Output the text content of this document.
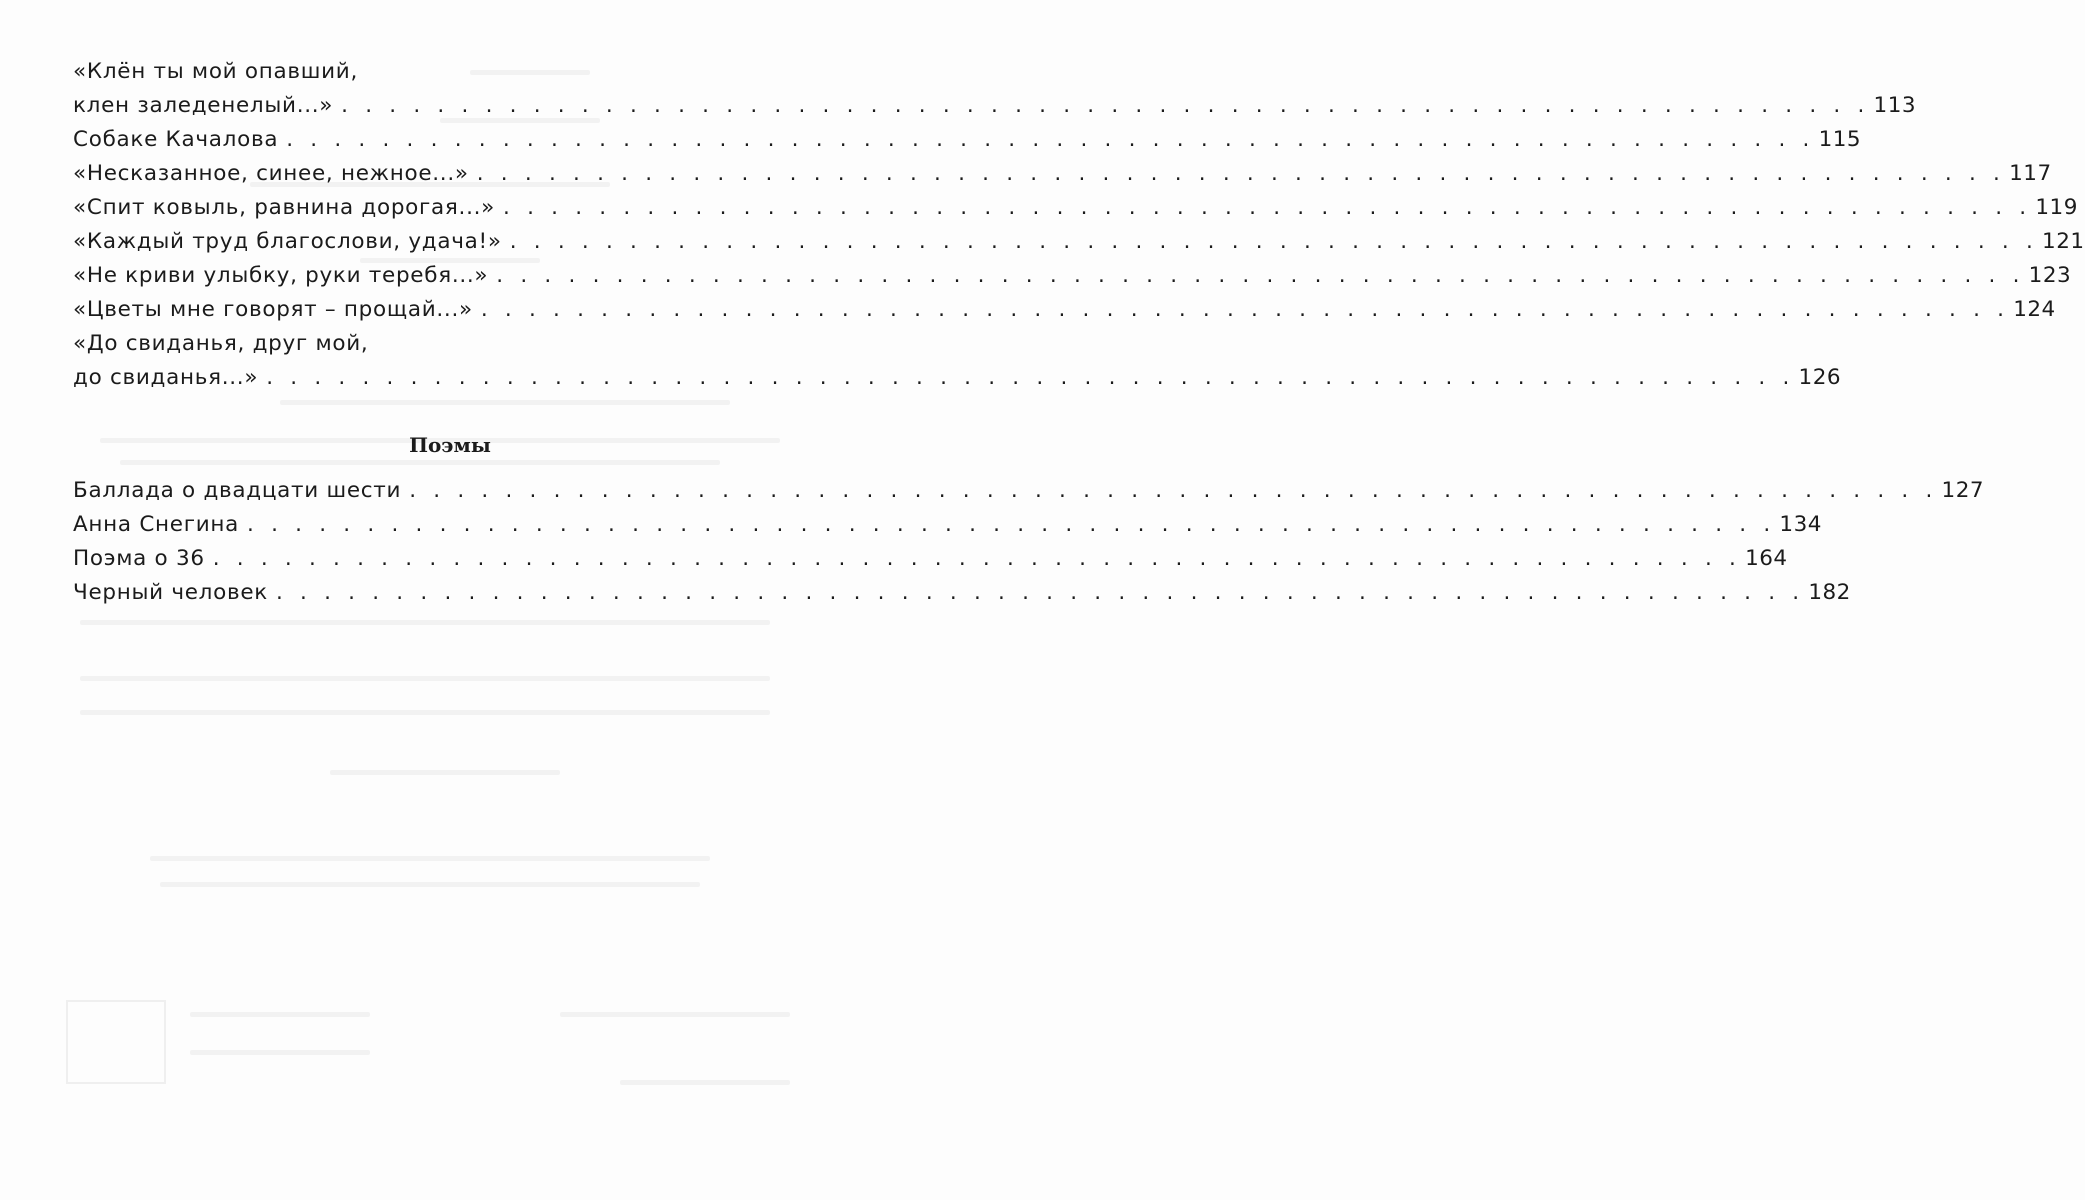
«Клён ты мой опавший,
клен заледенелый...» . . . . . . . . . . . . . . . . . . . . . . . . . . . . . . . . . . . . . . . . . . . . . . . . . . . . . . . . . . . . . . . . 113
Собаке Качалова . . . . . . . . . . . . . . . . . . . . . . . . . . . . . . . . . . . . . . . . . . . . . . . . . . . . . . . . . . . . . . . . 115
«Несказанное, синее, нежное...» . . . . . . . . . . . . . . . . . . . . . . . . . . . . . . . . . . . . . . . . . . . . . . . . . . . . . . . . . . . . . . . . 117
«Спит ковыль, равнина дорогая...» . . . . . . . . . . . . . . . . . . . . . . . . . . . . . . . . . . . . . . . . . . . . . . . . . . . . . . . . . . . . . . . . 119
«Каждый труд благослови, удача!» . . . . . . . . . . . . . . . . . . . . . . . . . . . . . . . . . . . . . . . . . . . . . . . . . . . . . . . . . . . . . . . . 121
«Не криви улыбку, руки теребя...» . . . . . . . . . . . . . . . . . . . . . . . . . . . . . . . . . . . . . . . . . . . . . . . . . . . . . . . . . . . . . . . . 123
«Цветы мне говорят – прощай...» . . . . . . . . . . . . . . . . . . . . . . . . . . . . . . . . . . . . . . . . . . . . . . . . . . . . . . . . . . . . . . . . 124
«До свиданья, друг мой,
до свиданья...» . . . . . . . . . . . . . . . . . . . . . . . . . . . . . . . . . . . . . . . . . . . . . . . . . . . . . . . . . . . . . . . . 126
Поэмы
Баллада о двадцати шести . . . . . . . . . . . . . . . . . . . . . . . . . . . . . . . . . . . . . . . . . . . . . . . . . . . . . . . . . . . . . . . . 127
Анна Снегина . . . . . . . . . . . . . . . . . . . . . . . . . . . . . . . . . . . . . . . . . . . . . . . . . . . . . . . . . . . . . . . . 134
Поэма о 36 . . . . . . . . . . . . . . . . . . . . . . . . . . . . . . . . . . . . . . . . . . . . . . . . . . . . . . . . . . . . . . . . 164
Черный человек . . . . . . . . . . . . . . . . . . . . . . . . . . . . . . . . . . . . . . . . . . . . . . . . . . . . . . . . . . . . . . . . 182
